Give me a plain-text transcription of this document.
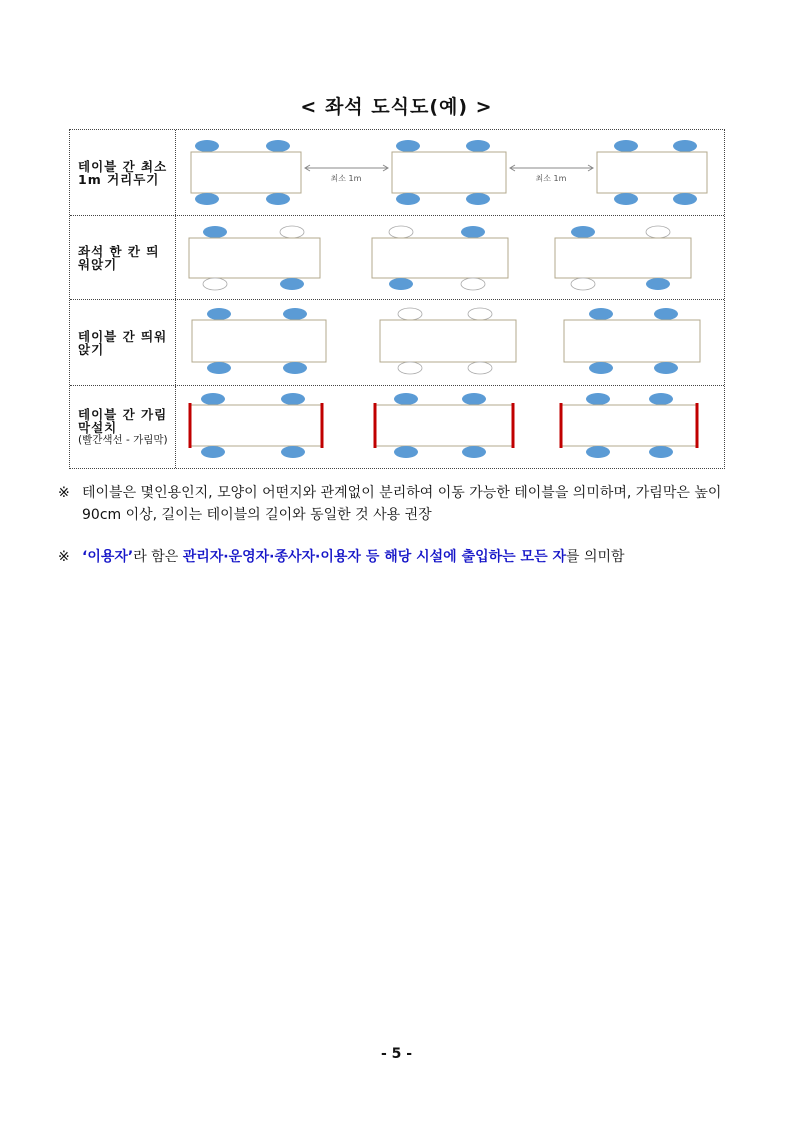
< 좌석 도식도(예) >
테이블 간 최소 1m 거리두기	최소 1m	최소 1m
좌석 한 칸 띄워앉기
테이블 간 띄워 앉기
테이블 간 가림막설치
(빨간색선 - 가림막)
※ 테이블은 몇인용인지, 모양이 어떤지와 관계없이 분리하여 이동 가능한 테이블을 의미하며, 가림막은 높이 90cm 이상, 길이는 테이블의 길이와 동일한 것 사용 권장
※ ‘이용자’라 함은 관리자·운영자·종사자·이용자 등 해당 시설에 출입하는 모든 자를 의미함
- 5 -
